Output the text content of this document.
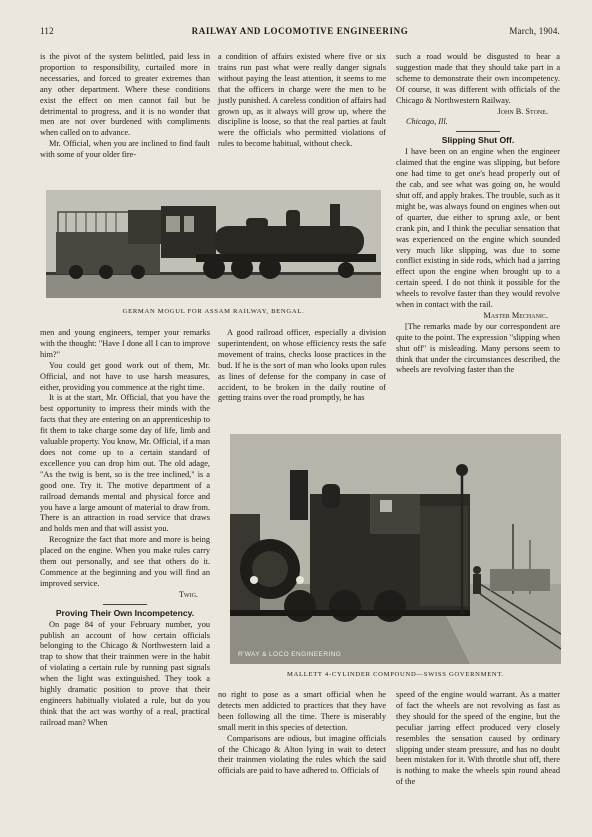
112	RAILWAY AND LOCOMOTIVE ENGINEERING	March, 1904.

is the pivot of the system belittled, paid less in proportion to responsibility, curtailed more in necessaries, and forced to greater extremes than any other department. Where these conditions exist the effect on men cannot fail but be detrimental to progress, and it is no wonder that men are not over burdened with compliments when called on to advance.

Mr. Official, when you are inclined to find fault with some of your older fire-

a condition of affairs existed where five or six trains run past what were really danger signals without paying the least attention, it seems to me that the officers in charge were the men to be justly punished. A careless condition of affairs had grown up, as it always will grow up, where the discipline is loose, so that the real parties at fault were the officials who permitted violations of rules to become habitual, without check.

such a road would be disgusted to hear a suggestion made that they should take part in a scheme to demonstrate their own incompetency. Of course, it was different with officials of the Chicago & Northwestern Railway.

John B. Stone.
Chicago, Ill.
Slipping Shut Off.

I have been on an engine when the engineer claimed that the engine was slipping, but before one had time to get one's head properly out of the cab, and see what was going on, he would shut off, and apply brakes. The trouble, such as it might be, was always found on engines when out of quarter, due either to sprung axle, or bent crank pin, and I think the peculiar sensation that was experienced on the engine which sounded very much like slipping, was due to some conflict existing in side rods, which had a jarring effect upon the engine when brought up to a certain speed. I do not think it possible for the wheels to revolve faster than they would revolve when in contact with the rail.

Master Mechanic.

[The remarks made by our correspondent are quite to the point. The expression "slipping when shut off" is misleading. Many persons seem to think that under the circumstances described, the wheels are revolving faster than the

GERMAN MOGUL FOR ASSAM RAILWAY, BENGAL.

men and young engineers, temper your remarks with the thought: "Have I done all I can to improve him?"

You could get good work out of them, Mr. Official, and not have to use harsh measures, either, providing you commence at the right time.

It is at the start, Mr. Official, that you have the best opportunity to impress their minds with the facts that they are entering on an apprenticeship to fit them to take charge some day of life, limb and valuable property. You know, Mr. Official, if a man does not come up to a certain standard of excellence you can drop him out. The old adage, "As the twig is bent, so is the tree inclined," is a good one. Try it. The motive department of a railroad demands mental and physical force and you have a large amount of material to draw from. There is an attraction in road service that draws and holds men and that will assist you.

Recognize the fact that more and more is being placed on the engine. When you make rules carry them out personally, and see that others do it. Commence at the beginning and you will find an improved service.

Twig.
Proving Their Own Incompetency.

On page 84 of your February number, you publish an account of how certain officials belonging to the Chicago & Northwestern laid a trap to show that their trainmen were in the habit of violating a certain rule by running past signals when the light was extinguished. They took a highly dramatic position to prove that their engineers habitually violated a rule, but do you think that the act was worthy of a real, practical railroad man? When

A good railroad officer, especially a division superintendent, on whose efficiency rests the safe movement of trains, checks loose practices in the bud. If he is the sort of man who looks upon rules as lines of defense for the company in case of accident, to be broken in the daily routine of getting trains over the road promptly, he has

R'WAY & LOCO ENGINEERING
MALLETT 4-CYLINDER COMPOUND—SWISS GOVERNMENT.

no right to pose as a smart official when he detects men addicted to practices that they have been following all the time. There is miserably small merit in this species of detection.

Comparisons are odious, but imagine officials of the Chicago & Alton lying in wait to detect their trainmen violating the rules which the said officials are paid to have adhered to. Officials of

speed of the engine would warrant. As a matter of fact the wheels are not revolving as fast as they should for the speed of the engine, but the peculiar jarring effect produced very closely resembles the sensation caused by ordinary slipping under steam pressure, and has no doubt been mistaken for it. With throttle shut off, there is nothing to make the wheels spin round ahead of the
